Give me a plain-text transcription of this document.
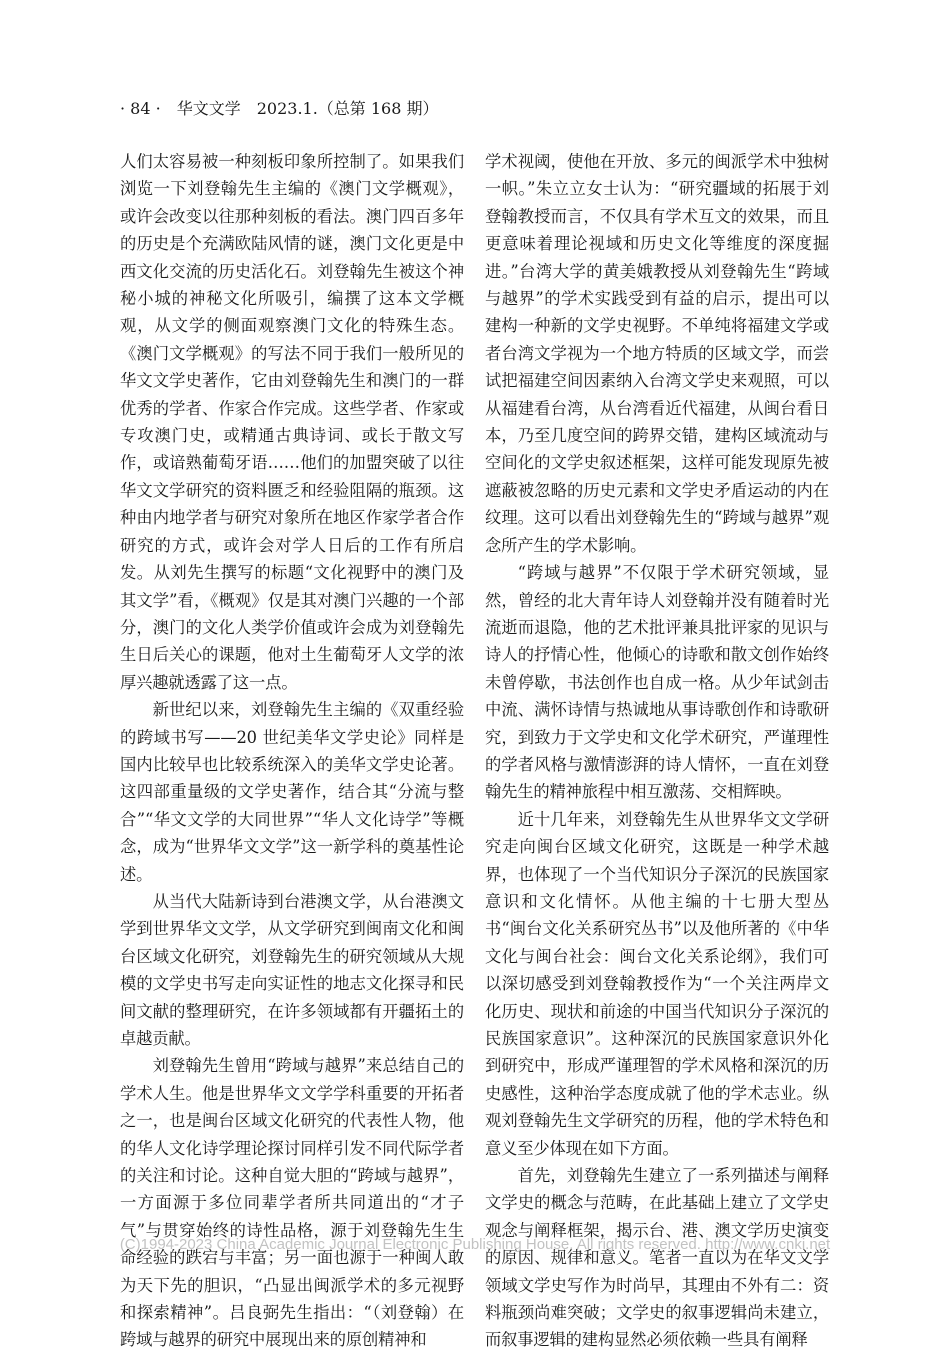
· 84 · 华文文学 2023.1.（总第 168 期）

人们太容易被一种刻板印象所控制了。如果我们浏览一下刘登翰先生主编的《澳门文学概观》，或许会改变以往那种刻板的看法。澳门四百多年的历史是个充满欧陆风情的谜，澳门文化更是中西文化交流的历史活化石。刘登翰先生被这个神秘小城的神秘文化所吸引，编撰了这本文学概观，从文学的侧面观察澳门文化的特殊生态。《澳门文学概观》的写法不同于我们一般所见的华文文学史著作，它由刘登翰先生和澳门的一群优秀的学者、作家合作完成。这些学者、作家或专攻澳门史，或精通古典诗词、或长于散文写作，或谙熟葡萄牙语……他们的加盟突破了以往华文文学研究的资料匮乏和经验阻隔的瓶颈。这种由内地学者与研究对象所在地区作家学者合作研究的方式，或许会对学人日后的工作有所启发。从刘先生撰写的标题“文化视野中的澳门及其文学”看，《概观》仅是其对澳门兴趣的一个部分，澳门的文化人类学价值或许会成为刘登翰先生日后关心的课题，他对土生葡萄牙人文学的浓厚兴趣就透露了这一点。

新世纪以来，刘登翰先生主编的《双重经验的跨域书写——20 世纪美华文学史论》同样是国内比较早也比较系统深入的美华文学史论著。这四部重量级的文学史著作，结合其“分流与整合”“华文文学的大同世界”“华人文化诗学”等概念，成为“世界华文文学”这一新学科的奠基性论述。

从当代大陆新诗到台港澳文学，从台港澳文学到世界华文文学，从文学研究到闽南文化和闽台区域文化研究，刘登翰先生的研究领域从大规模的文学史书写走向实证性的地志文化探寻和民间文献的整理研究，在许多领域都有开疆拓土的卓越贡献。

刘登翰先生曾用“跨域与越界”来总结自己的学术人生。他是世界华文文学学科重要的开拓者之一，也是闽台区域文化研究的代表性人物，他的华人文化诗学理论探讨同样引发不同代际学者的关注和讨论。这种自觉大胆的“跨域与越界”，一方面源于多位同辈学者所共同道出的“才子气”与贯穿始终的诗性品格，源于刘登翰先生生命经验的跌宕与丰富；另一面也源于一种闽人敢为天下先的胆识，“凸显出闽派学术的多元视野和探索精神”。吕良弼先生指出：“（刘登翰）在跨域与越界的研究中展现出来的原创精神和

学术视阈，使他在开放、多元的闽派学术中独树一帜。”朱立立女士认为：“研究疆域的拓展于刘登翰教授而言，不仅具有学术互文的效果，而且更意味着理论视域和历史文化等维度的深度掘进。”台湾大学的黄美娥教授从刘登翰先生“跨域与越界”的学术实践受到有益的启示，提出可以建构一种新的文学史视野。不单纯将福建文学或者台湾文学视为一个地方特质的区域文学，而尝试把福建空间因素纳入台湾文学史来观照，可以从福建看台湾，从台湾看近代福建，从闽台看日本，乃至几度空间的跨界交错，建构区域流动与空间化的文学史叙述框架，这样可能发现原先被遮蔽被忽略的历史元素和文学史矛盾运动的内在纹理。这可以看出刘登翰先生的“跨域与越界”观念所产生的学术影响。

“跨域与越界”不仅限于学术研究领域，显然，曾经的北大青年诗人刘登翰并没有随着时光流逝而退隐，他的艺术批评兼具批评家的见识与诗人的抒情心性，他倾心的诗歌和散文创作始终未曾停歇，书法创作也自成一格。从少年试剑击中流、满怀诗情与热诚地从事诗歌创作和诗歌研究，到致力于文学史和文化学术研究，严谨理性的学者风格与激情澎湃的诗人情怀，一直在刘登翰先生的精神旅程中相互激荡、交相辉映。

近十几年来，刘登翰先生从世界华文文学研究走向闽台区域文化研究，这既是一种学术越界，也体现了一个当代知识分子深沉的民族国家意识和文化情怀。从他主编的十七册大型丛书“闽台文化关系研究丛书”以及他所著的《中华文化与闽台社会：闽台文化关系论纲》，我们可以深切感受到刘登翰教授作为“一个关注两岸文化历史、现状和前途的中国当代知识分子深沉的民族国家意识”。这种深沉的民族国家意识外化到研究中，形成严谨理智的学术风格和深沉的历史感性，这种治学态度成就了他的学术志业。纵观刘登翰先生文学研究的历程，他的学术特色和意义至少体现在如下方面。

首先，刘登翰先生建立了一系列描述与阐释文学史的概念与范畴，在此基础上建立了文学史观念与阐释框架，揭示台、港、澳文学历史演变的原因、规律和意义。笔者一直以为在华文文学领域文学史写作为时尚早，其理由不外有二：资料瓶颈尚难突破；文学史的叙事逻辑尚未建立，而叙事逻辑的建构显然必须依赖一些具有阐释

(C)1994-2023 China Academic Journal Electronic Publishing House. All rights reserved. http://www.cnki.net
